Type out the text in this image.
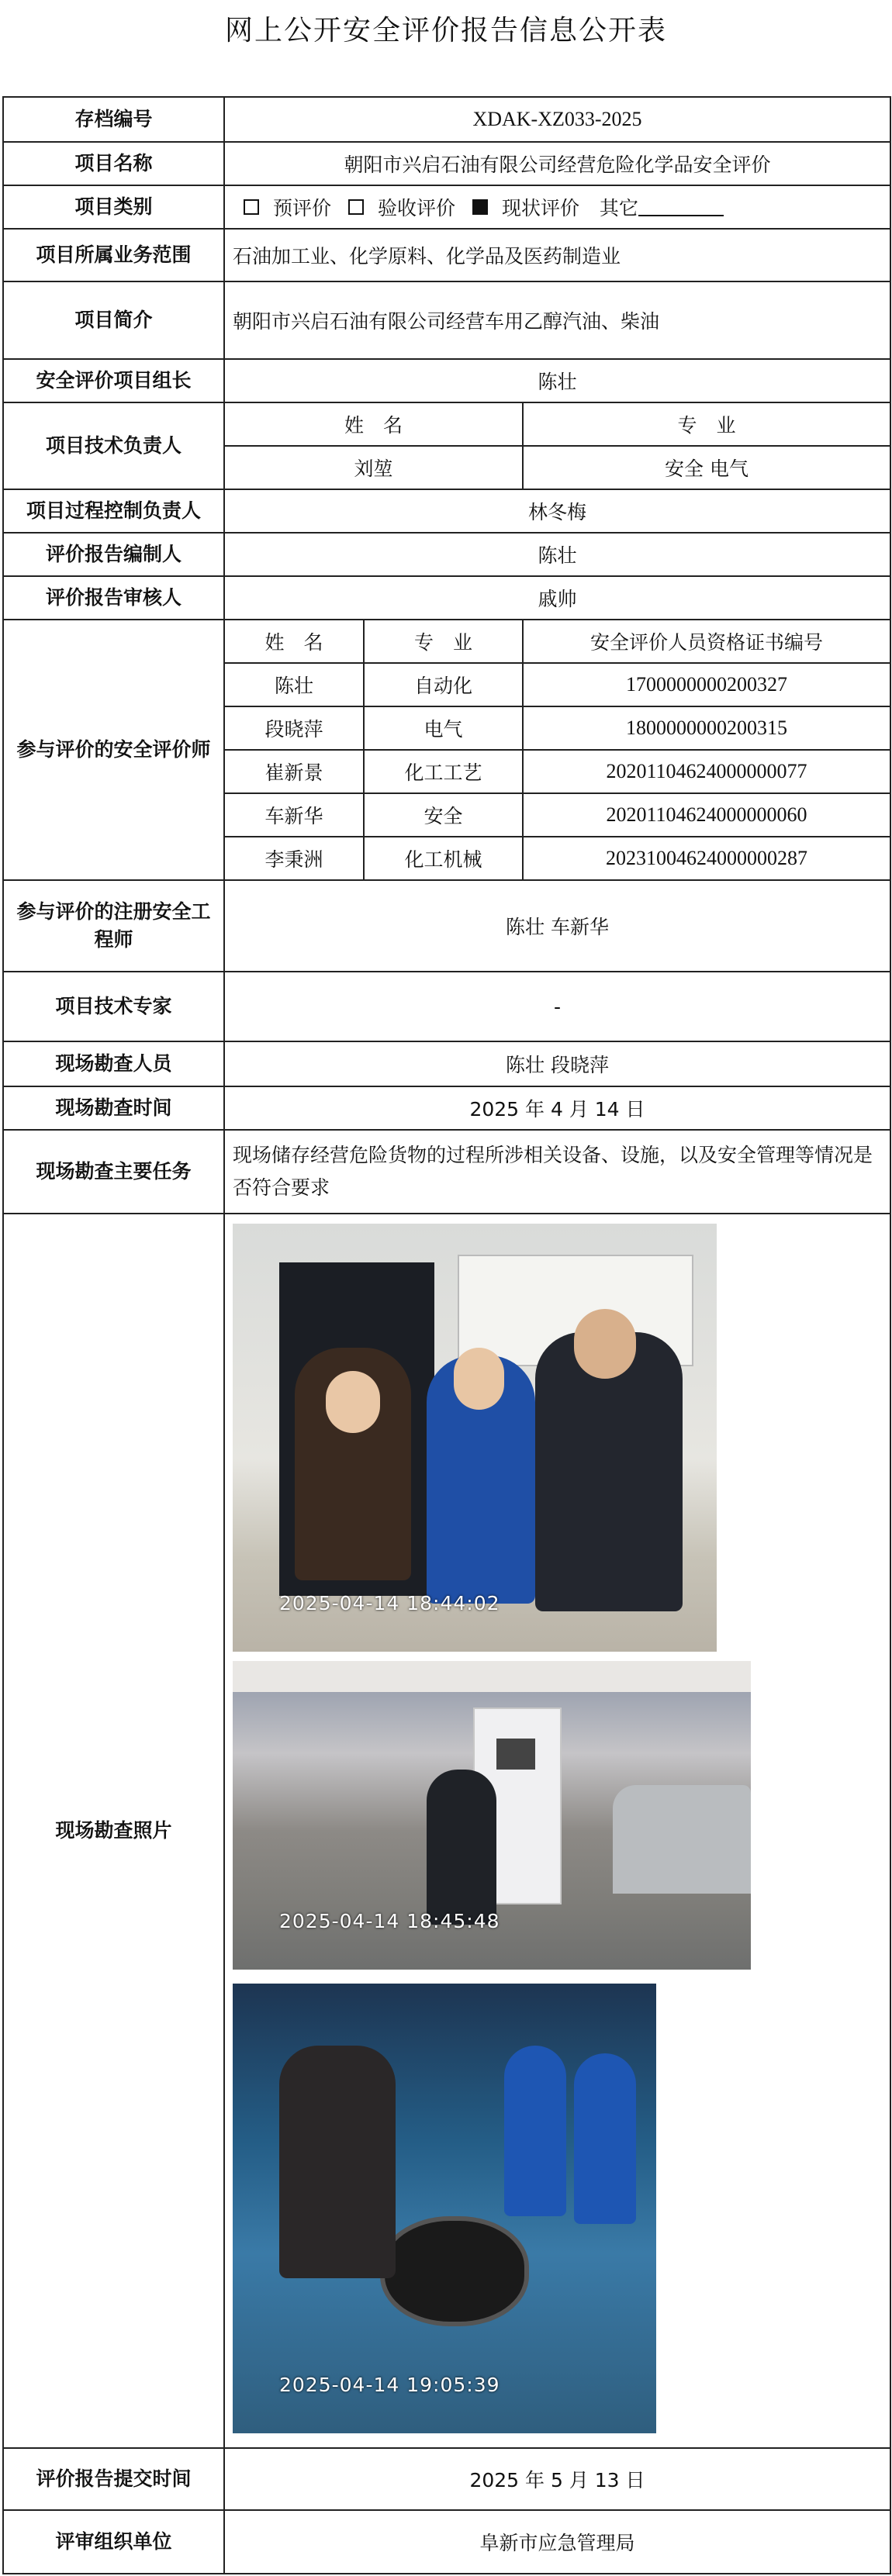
网上公开安全评价报告信息公开表
存档编号	XDAK-XZ033-2025		
项目名称	朝阳市兴启石油有限公司经营危险化学品安全评价		
项目类别	预评价 验收评价 现状评价 其它		
项目所属业务范围	石油加工业、化学原料、化学品及医药制造业		
项目简介	朝阳市兴启石油有限公司经营车用乙醇汽油、柴油		
安全评价项目组长	陈壮		
项目技术负责人	姓　名		专　业
	刘堃		安全 电气
项目过程控制负责人	林冬梅		
评价报告编制人	陈壮		
评价报告审核人	戚帅		
参与评价的安全评价师	姓　名	专　业	安全评价人员资格证书编号
	陈壮	自动化	1700000000200327
	段晓萍	电气	1800000000200315
	崔新景	化工工艺	20201104624000000077
	车新华	安全	20201104624000000060
	李秉洲	化工机械	20231004624000000287
参与评价的注册安全工程师	陈壮 车新华		
项目技术专家	-		
现场勘查人员	陈壮 段晓萍		
现场勘查时间	2025 年 4 月 14 日		
现场勘查主要任务	现场储存经营危险货物的过程所涉相关设备、设施，以及安全管理等情况是否符合要求		
现场勘查照片	
评价报告提交时间	2025 年 5 月 13 日
评审组织单位	阜新市应急管理局
2025-04-14 18:44:02
2025-04-14 18:45:48
2025-04-14 19:05:39
